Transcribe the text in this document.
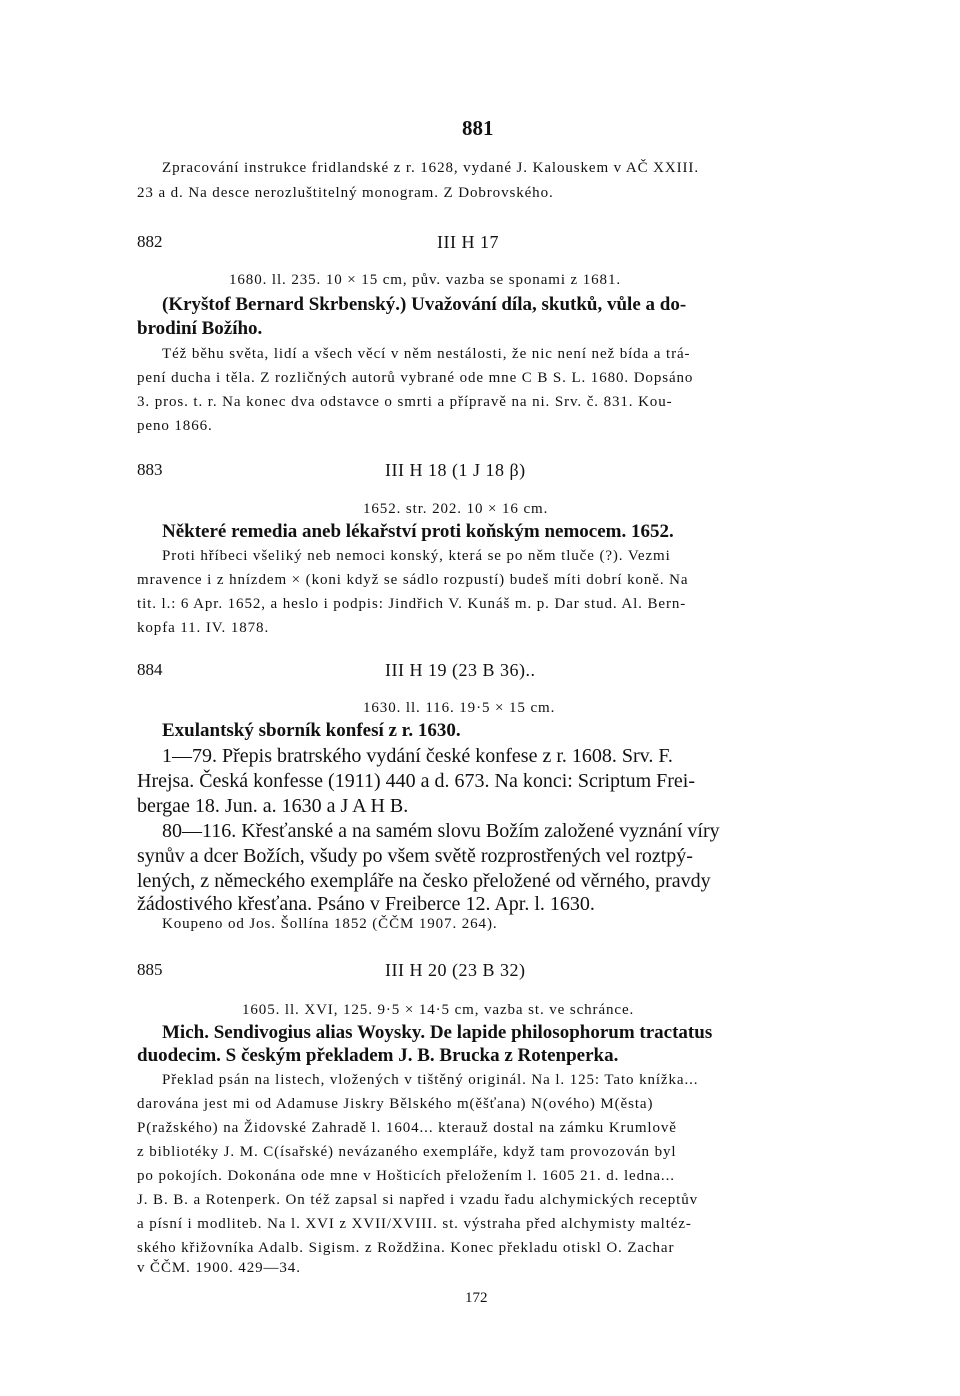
881
Zpracování instrukce fridlandské z r. 1628, vydané J. Kalouskem v AČ XXIII.
23 a d. Na desce nerozluštitelný monogram. Z Dobrovského.
882	III H 17
1680. ll. 235. 10 × 15 cm, pův. vazba se sponami z 1681.
(Kryštof Bernard Skrbenský.) Uvažování díla, skutků, vůle a do-
brodiní Božího.
Též běhu světa, lidí a všech věcí v něm nestálosti, že nic není než bída a trá-
pení ducha i těla. Z rozličných autorů vybrané ode mne C B S. L. 1680. Dopsáno
3. pros. t. r. Na konec dva odstavce o smrti a přípravě na ni. Srv. č. 831. Kou-
peno 1866.
883	III H 18 (1 J 18 β)
1652. str. 202. 10 × 16 cm.
Některé remedia aneb lékařství proti koňským nemocem. 1652.
Proti hříbeci všeliký neb nemoci konský, která se po něm tluče (?). Vezmi
mravence i z hnízdem × (koni když se sádlo rozpustí) budeš míti dobrí koně. Na
tit. l.: 6 Apr. 1652, a heslo i podpis: Jindřich V. Kunáš m. p. Dar stud. Al. Bern-
kopfa 11. IV. 1878.
884	III H 19 (23 B 36)..
1630. ll. 116. 19·5 × 15 cm.
Exulantský sborník konfesí z r. 1630.
1—79. Přepis bratrského vydání české konfese z r. 1608. Srv. F.
Hrejsa. Česká konfesse (1911) 440 a d. 673. Na konci: Scriptum Frei-
bergae 18. Jun. a. 1630 a J A H B.
80—116. Křesťanské a na samém slovu Božím založené vyznání víry
synův a dcer Božích, všudy po všem světě rozprostřených vel roztpý-
lených, z německého exempláře na česko přeložené od věrného, pravdy
žádostivého křesťana. Psáno v Freiberce 12. Apr. l. 1630.
Koupeno od Jos. Šollína 1852 (ČČM 1907. 264).
885	III H 20 (23 B 32)
1605. ll. XVI, 125. 9·5 × 14·5 cm, vazba st. ve schránce.
Mich. Sendivogius alias Woysky. De lapide philosophorum tractatus
duodecim. S českým překladem J. B. Brucka z Rotenperka.
Překlad psán na listech, vložených v tištěný originál. Na l. 125: Tato knížka...
darována jest mi od Adamuse Jiskry Bělského m(ěšťana) N(ového) M(ěsta)
P(ražského) na Židovské Zahradě l. 1604... kterauž dostal na zámku Krumlově
z bibliotéky J. M. C(ísařské) nevázaného exempláře, když tam provozován byl
po pokojích. Dokonána ode mne v Hošticích přeložením l. 1605 21. d. ledna...
J. B. B. a Rotenperk. On též zapsal si napřed i vzadu řadu alchymických receptův
a písní i modliteb. Na l. XVI z XVII/XVIII. st. výstraha před alchymisty maltéz-
ského křižovníka Adalb. Sigism. z Roždžina. Konec překladu otiskl O. Zachar
v ČČM. 1900. 429—34.
172
